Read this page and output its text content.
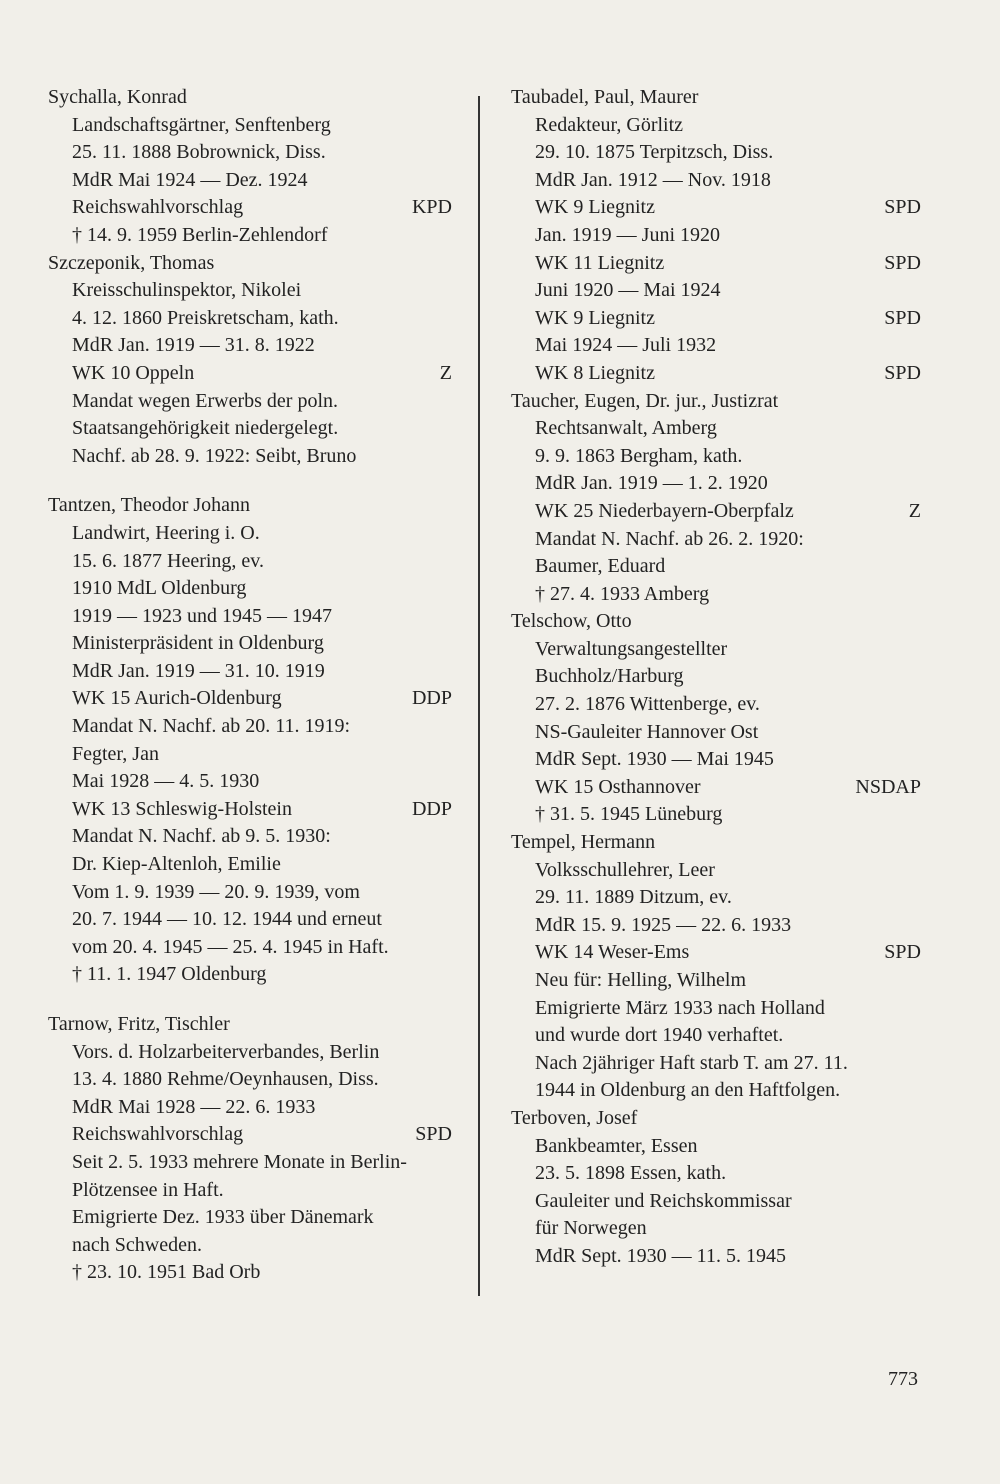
Sychalla, Konrad
Landschaftsgärtner, Senftenberg
25. 11. 1888 Bobrownick, Diss.
MdR Mai 1924 — Dez. 1924
Reichswahlvorschlag	KPD
† 14. 9. 1959 Berlin-Zehlendorf
Szczeponik, Thomas
Kreisschulinspektor, Nikolei
4. 12. 1860 Preiskretscham, kath.
MdR Jan. 1919 — 31. 8. 1922
WK 10 Oppeln	Z
Mandat wegen Erwerbs der poln.
Staatsangehörigkeit niedergelegt.
Nachf. ab 28. 9. 1922: Seibt, Bruno
Tantzen, Theodor Johann
Landwirt, Heering i. O.
15. 6. 1877 Heering, ev.
1910 MdL Oldenburg
1919 — 1923 und 1945 — 1947
Ministerpräsident in Oldenburg
MdR Jan. 1919 — 31. 10. 1919
WK 15 Aurich-Oldenburg	DDP
Mandat N. Nachf. ab 20. 11. 1919:
Fegter, Jan
Mai 1928 — 4. 5. 1930
WK 13 Schleswig-Holstein	DDP
Mandat N. Nachf. ab 9. 5. 1930:
Dr. Kiep-Altenloh, Emilie
Vom 1. 9. 1939 — 20. 9. 1939, vom
20. 7. 1944 — 10. 12. 1944 und erneut
vom 20. 4. 1945 — 25. 4. 1945 in Haft.
† 11. 1. 1947 Oldenburg
Tarnow, Fritz, Tischler
Vors. d. Holzarbeiterverbandes, Berlin
13. 4. 1880 Rehme/Oeynhausen, Diss.
MdR Mai 1928 — 22. 6. 1933
Reichswahlvorschlag	SPD
Seit 2. 5. 1933 mehrere Monate in Berlin-
Plötzensee in Haft.
Emigrierte Dez. 1933 über Dänemark
nach Schweden.
† 23. 10. 1951 Bad Orb
Taubadel, Paul, Maurer
Redakteur, Görlitz
29. 10. 1875 Terpitzsch, Diss.
MdR Jan. 1912 — Nov. 1918
WK 9 Liegnitz	SPD
Jan. 1919 — Juni 1920
WK 11 Liegnitz	SPD
Juni 1920 — Mai 1924
WK 9 Liegnitz	SPD
Mai 1924 — Juli 1932
WK 8 Liegnitz	SPD
Taucher, Eugen, Dr. jur., Justizrat
Rechtsanwalt, Amberg
9. 9. 1863 Bergham, kath.
MdR Jan. 1919 — 1. 2. 1920
WK 25 Niederbayern-Oberpfalz	Z
Mandat N. Nachf. ab 26. 2. 1920:
Baumer, Eduard
† 27. 4. 1933 Amberg
Telschow, Otto
Verwaltungsangestellter
Buchholz/Harburg
27. 2. 1876 Wittenberge, ev.
NS-Gauleiter Hannover Ost
MdR Sept. 1930 — Mai 1945
WK 15 Osthannover	NSDAP
† 31. 5. 1945 Lüneburg
Tempel, Hermann
Volksschullehrer, Leer
29. 11. 1889 Ditzum, ev.
MdR 15. 9. 1925 — 22. 6. 1933
WK 14 Weser-Ems	SPD
Neu für: Helling, Wilhelm
Emigrierte März 1933 nach Holland
und wurde dort 1940 verhaftet.
Nach 2jähriger Haft starb T. am 27. 11.
1944 in Oldenburg an den Haftfolgen.
Terboven, Josef
Bankbeamter, Essen
23. 5. 1898 Essen, kath.
Gauleiter und Reichskommissar
für Norwegen
MdR Sept. 1930 — 11. 5. 1945
773
